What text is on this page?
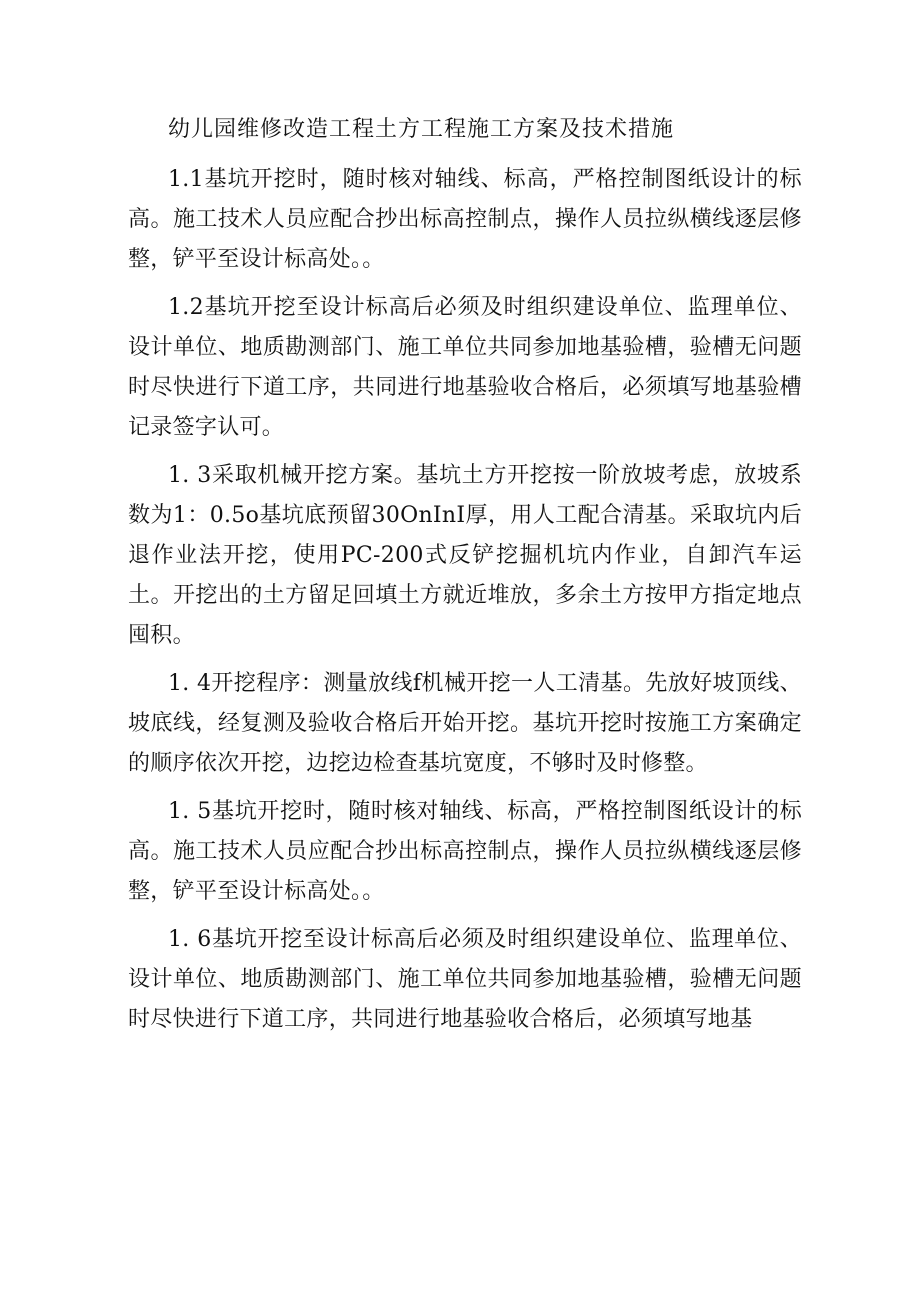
幼儿园维修改造工程土方工程施工方案及技术措施

1.1基坑开挖时，随时核对轴线、标高，严格控制图纸设计的标高。施工技术人员应配合抄出标高控制点，操作人员拉纵横线逐层修整，铲平至设计标高处。。

1.2基坑开挖至设计标高后必须及时组织建设单位、监理单位、设计单位、地质勘测部门、施工单位共同参加地基验槽，验槽无问题时尽快进行下道工序，共同进行地基验收合格后，必须填写地基验槽记录签字认可。

1. 3采取机械开挖方案。基坑土方开挖按一阶放坡考虑，放坡系数为1：0.5o基坑底预留30OnInI厚，用人工配合清基。采取坑内后退作业法开挖，使用PC-200式反铲挖掘机坑内作业，自卸汽车运土。开挖出的土方留足回填土方就近堆放，多余土方按甲方指定地点囤积。

1. 4开挖程序：测量放线f机械开挖一人工清基。先放好坡顶线、坡底线，经复测及验收合格后开始开挖。基坑开挖时按施工方案确定的顺序依次开挖，边挖边检查基坑宽度，不够时及时修整。

1. 5基坑开挖时，随时核对轴线、标高，严格控制图纸设计的标高。施工技术人员应配合抄出标高控制点，操作人员拉纵横线逐层修整，铲平至设计标高处。。

1. 6基坑开挖至设计标高后必须及时组织建设单位、监理单位、设计单位、地质勘测部门、施工单位共同参加地基验槽，验槽无问题时尽快进行下道工序，共同进行地基验收合格后，必须填写地基
